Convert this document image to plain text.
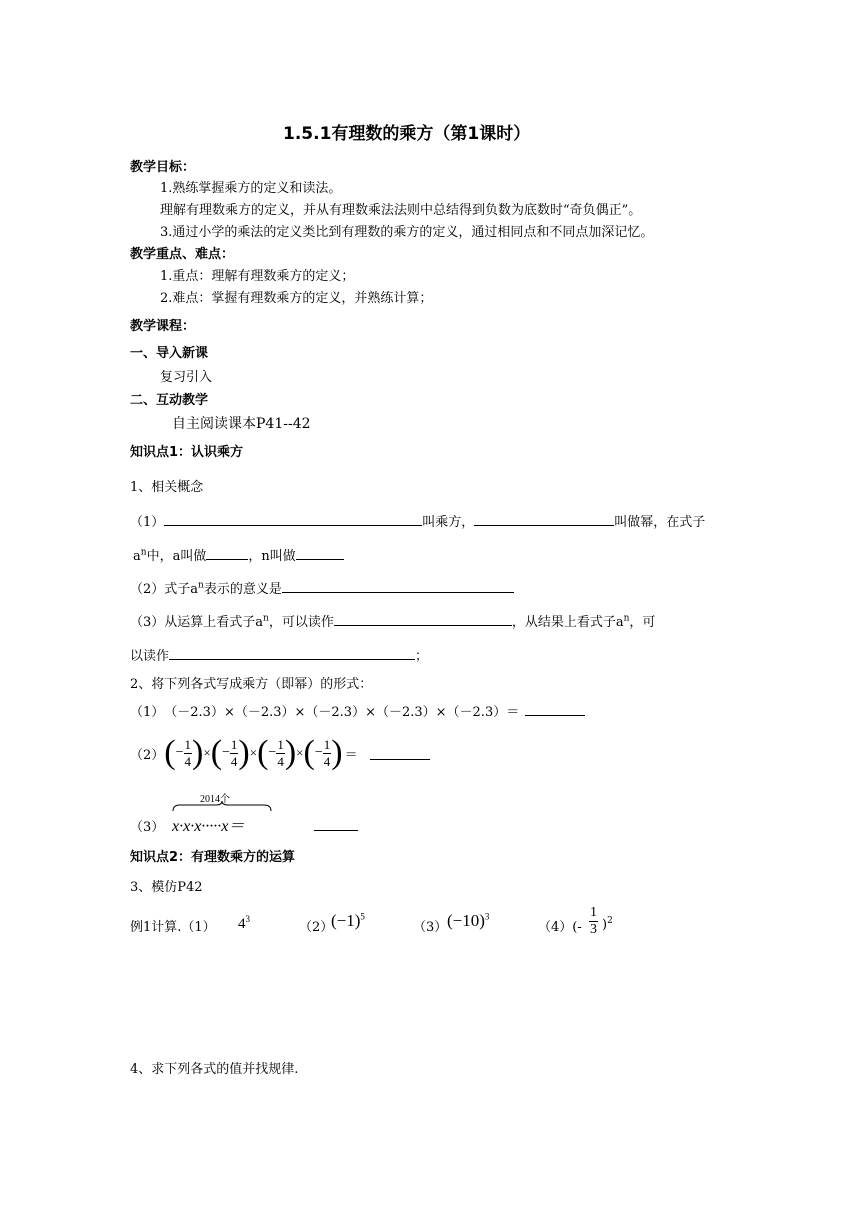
1.5.1有理数的乘方（第1课时）
教学目标：
1.熟练掌握乘方的定义和读法。
理解有理数乘方的定义，并从有理数乘法法则中总结得到负数为底数时“奇负偶正”。
3.通过小学的乘法的定义类比到有理数的乘方的定义，通过相同点和不同点加深记忆。
教学重点、难点：
1.重点：理解有理数乘方的定义；
2.难点：掌握有理数乘方的定义，并熟练计算；
教学课程：
一、导入新课
复习引入
二、互动教学
自主阅读课本P41--42
知识点1：认识乘方
1、相关概念
（1）	叫乘方，	叫做幂，在式子
$a^n$中，a叫做	，n叫做
（2）式子$a^n$表示的意义是
（3）从运算上看式子$a^n$，可以读作	，从结果上看式子$a^n$，可
以读作	；
2、将下列各式写成乘方（即幂）的形式：
（1）　（－2.3）×（－2.3）×（－2.3）×（－2.3）×（－2.3）＝
（2） ( − $\frac{1}{4}$ ) × ( − $\frac{1}{4}$ ) × ( − $\frac{1}{4}$ ) × ( − $\frac{1}{4}$ ) ＝
（3）
2014个
x·x·x·····x＝
知识点2：有理数乘方的运算
3、模仿P42
例1计算.（1） $4^3$
（2）
$(-1)^5$
（3） $(-10)^3$
$(4)(- \frac{1}{3} )^2$
4、求下列各式的值并找规律.
